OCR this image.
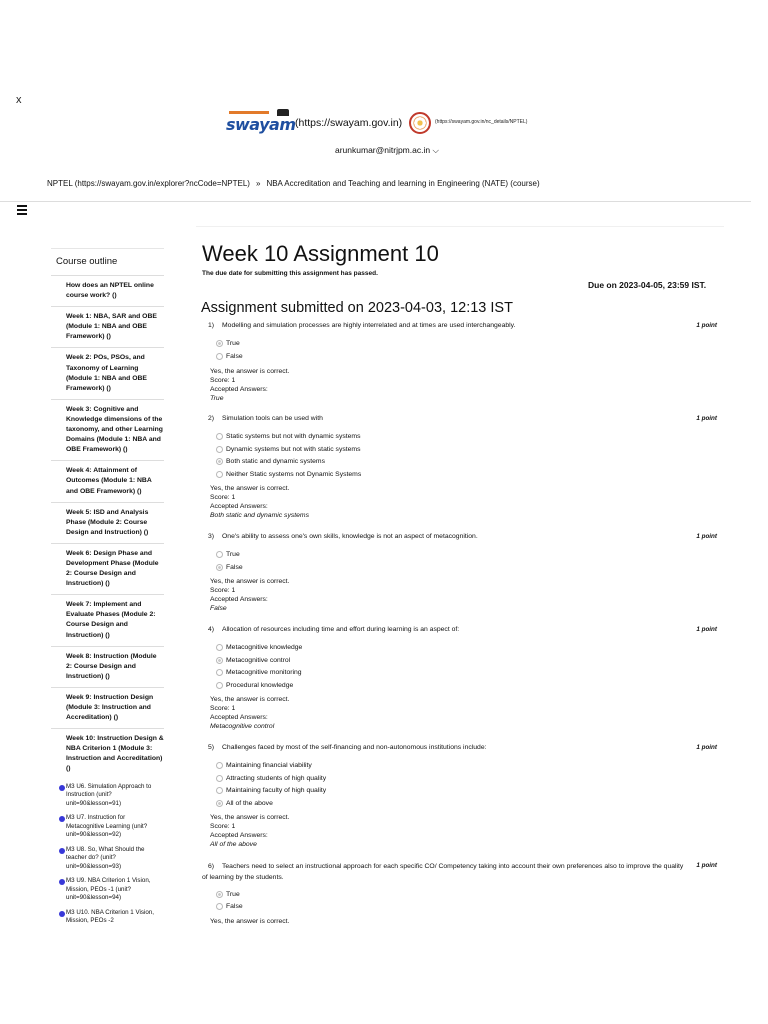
x
swayam (https://swayam.gov.in)	(https://swayam.gov.in/nc_details/NPTEL)
arunkumar@nitrjpm.ac.in ⌵
NPTEL (https://swayam.gov.in/explorer?ncCode=NPTEL) » NBA Accreditation and Teaching and learning in Engineering (NATE) (course)
Course outline
How does an NPTEL online course work? ()
Week 1: NBA, SAR and OBE (Module 1: NBA and OBE Framework) ()
Week 2: POs, PSOs, and Taxonomy of Learning (Module 1: NBA and OBE Framework) ()
Week 3: Cognitive and Knowledge dimensions of the taxonomy, and other Learning Domains (Module 1: NBA and OBE Framework) ()
Week 4: Attainment of Outcomes (Module 1: NBA and OBE Framework) ()
Week 5: ISD and Analysis Phase (Module 2: Course Design and Instruction) ()
Week 6: Design Phase and Development Phase (Module 2: Course Design and Instruction) ()
Week 7: Implement and Evaluate Phases (Module 2: Course Design and Instruction) ()
Week 8: Instruction (Module 2: Course Design and Instruction) ()
Week 9: Instruction Design (Module 3: Instruction and Accreditation) ()
Week 10: Instruction Design & NBA Criterion 1 (Module 3: Instruction and Accreditation) ()
M3 U6. Simulation Approach to Instruction (unit?unit=90&lesson=91)
M3 U7. Instruction for Metacognitive Learning (unit?unit=90&lesson=92)
M3 U8. So, What Should the teacher do? (unit?unit=90&lesson=93)
M3 U9. NBA Criterion 1 Vision, Mission, PEOs -1 (unit?unit=90&lesson=94)
M3 U10. NBA Criterion 1 Vision, Mission, PEOs -2
Week 10 Assignment 10
The due date for submitting this assignment has passed.
Due on 2023-04-05, 23:59 IST.
Assignment submitted on 2023-04-03, 12:13 IST
1) Modelling and simulation processes are highly interrelated and at times are used interchangeably.	1 point
True
False
Yes, the answer is correct.
Score: 1
Accepted Answers:
True
2) Simulation tools can be used with	1 point
Static systems but not with dynamic systems
Dynamic systems but not with static systems
Both static and dynamic systems
Neither Static systems not Dynamic Systems
Yes, the answer is correct.
Score: 1
Accepted Answers:
Both static and dynamic systems
3) One's ability to assess one's own skills, knowledge is not an aspect of metacognition.	1 point
True
False
Yes, the answer is correct.
Score: 1
Accepted Answers:
False
4) Allocation of resources including time and effort during learning is an aspect of:	1 point
Metacognitive knowledge
Metacognitive control
Metacognitive monitoring
Procedural knowledge
Yes, the answer is correct.
Score: 1
Accepted Answers:
Metacognitive control
5) Challenges faced by most of the self-financing and non-autonomous institutions include:	1 point
Maintaining financial viability
Attracting students of high quality
Maintaining faculty of high quality
All of the above
Yes, the answer is correct.
Score: 1
Accepted Answers:
All of the above
6) Teachers need to select an instructional approach for each specific CO/ Competency taking into account their own preferences also to improve the quality of learning by the students.
1 point
True
False
Yes, the answer is correct.
